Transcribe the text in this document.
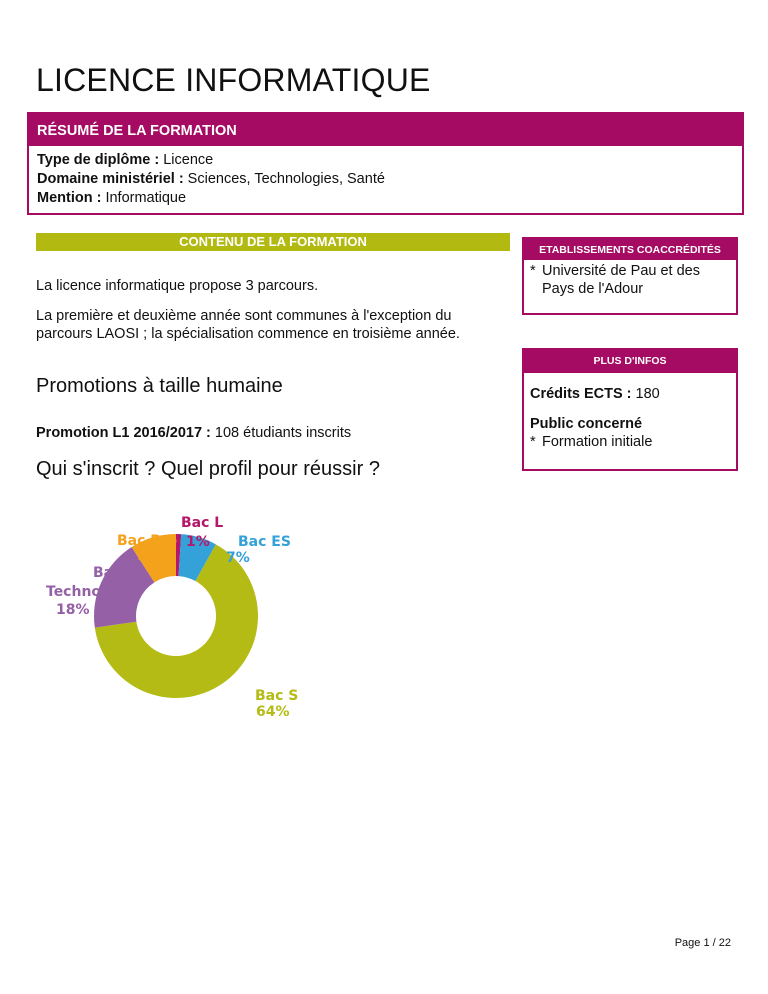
LICENCE INFORMATIQUE
RÉSUMÉ DE LA FORMATION
Type de diplôme : Licence
Domaine ministériel : Sciences, Technologies, Santé
Mention : Informatique
CONTENU DE LA FORMATION

La licence informatique propose 3 parcours.

La première et deuxième année sont communes à l'exception du parcours LAOSI ; la spécialisation commence en troisième année.

Promotions à taille humaine

Promotion L1 2016/2017 : 108 étudiants inscrits

Qui s'inscrit ? Quel profil pour réussir ?
ETABLISSEMENTS COACCRÉDITÉS
* Université de Pau et des Pays de l'Adour
PLUS D'INFOS
Crédits ECTS : 180
Public concerné
* Formation initiale
Bac L
1% Bac ES
7%
Bac S
64%
Bac
Techno
18%
Bac Pro
9%
Page 1 / 22
